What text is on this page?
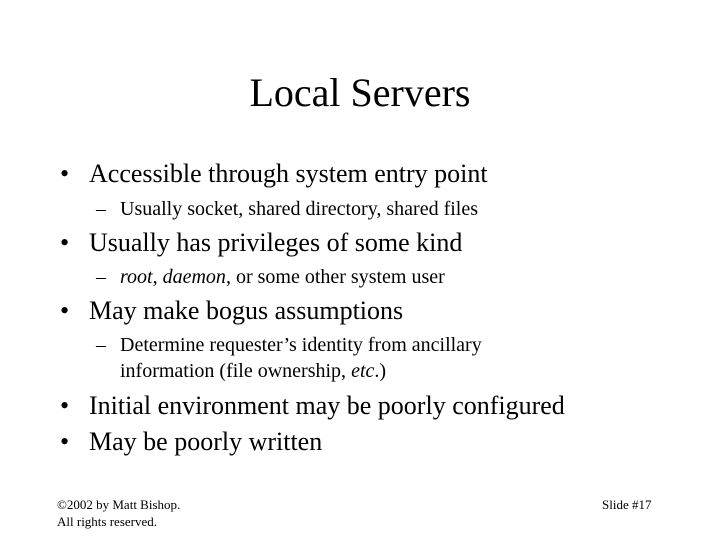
Local Servers
• Accessible through system entry point
– Usually socket, shared directory, shared files
• Usually has privileges of some kind
– root, daemon, or some other system user
• May make bogus assumptions
– Determine requester’s identity from ancillary
information (file ownership, etc.)
• Initial environment may be poorly configured
• May be poorly written
©2002 by Matt Bishop.
All rights reserved.
Slide #17
